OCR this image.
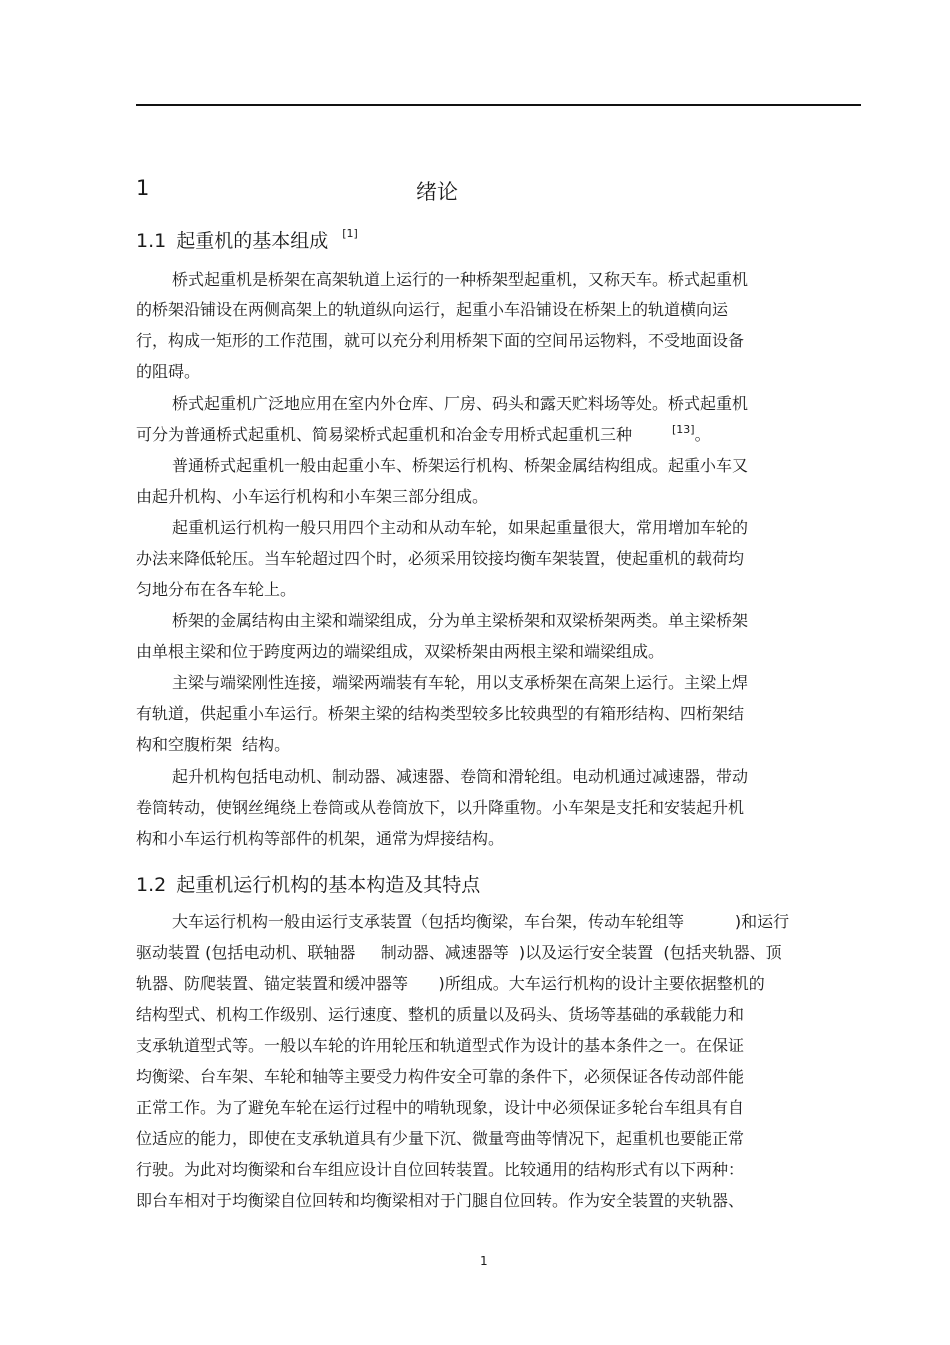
1	绪论
1.1 起重机的基本组成 [1]
桥式起重机是桥架在高架轨道上运行的一种桥架型起重机，又称天车。桥式起重机
的桥架沿铺设在两侧高架上的轨道纵向运行，起重小车沿铺设在桥架上的轨道横向运
行，构成一矩形的工作范围，就可以充分利用桥架下面的空间吊运物料，不受地面设备
的阻碍。
桥式起重机广泛地应用在室内外仓库、厂房、码头和露天贮料场等处。桥式起重机
可分为普通桥式起重机、简易梁桥式起重机和冶金专用桥式起重机三种	[13]。
普通桥式起重机一般由起重小车、桥架运行机构、桥架金属结构组成。起重小车又
由起升机构、小车运行机构和小车架三部分组成。
起重机运行机构一般只用四个主动和从动车轮，如果起重量很大，常用增加车轮的
办法来降低轮压。当车轮超过四个时，必须采用铰接均衡车架装置，使起重机的载荷均
匀地分布在各车轮上。
桥架的金属结构由主梁和端梁组成，分为单主梁桥架和双梁桥架两类。单主梁桥架
由单根主梁和位于跨度两边的端梁组成，双梁桥架由两根主梁和端梁组成。
主梁与端梁刚性连接，端梁两端装有车轮，用以支承桥架在高架上运行。主梁上焊
有轨道，供起重小车运行。桥架主梁的结构类型较多比较典型的有箱形结构、四桁架结
构和空腹桁架  结构。
起升机构包括电动机、制动器、减速器、卷筒和滑轮组。电动机通过减速器，带动
卷筒转动，使钢丝绳绕上卷筒或从卷筒放下，以升降重物。小车架是支托和安装起升机
构和小车运行机构等部件的机架，通常为焊接结构。
1.2 起重机运行机构的基本构造及其特点
大车运行机构一般由运行支承装置（包括均衡梁，车台架，传动车轮组等          )和运行
驱动装置 (包括电动机、联轴器     制动器、减速器等  )以及运行安全装置  (包括夹轨器、顶
轨器、防爬装置、锚定装置和缓冲器等      )所组成。大车运行机构的设计主要依据整机的
结构型式、机构工作级别、运行速度、整机的质量以及码头、货场等基础的承载能力和
支承轨道型式等。一般以车轮的许用轮压和轨道型式作为设计的基本条件之一。在保证
均衡梁、台车架、车轮和轴等主要受力构件安全可靠的条件下，必须保证各传动部件能
正常工作。为了避免车轮在运行过程中的啃轨现象，设计中必须保证多轮台车组具有自
位适应的能力，即使在支承轨道具有少量下沉、微量弯曲等情况下，起重机也要能正常
行驶。为此对均衡梁和台车组应设计自位回转装置。比较通用的结构形式有以下两种：
即台车相对于均衡梁自位回转和均衡梁相对于门腿自位回转。作为安全装置的夹轨器、
1
